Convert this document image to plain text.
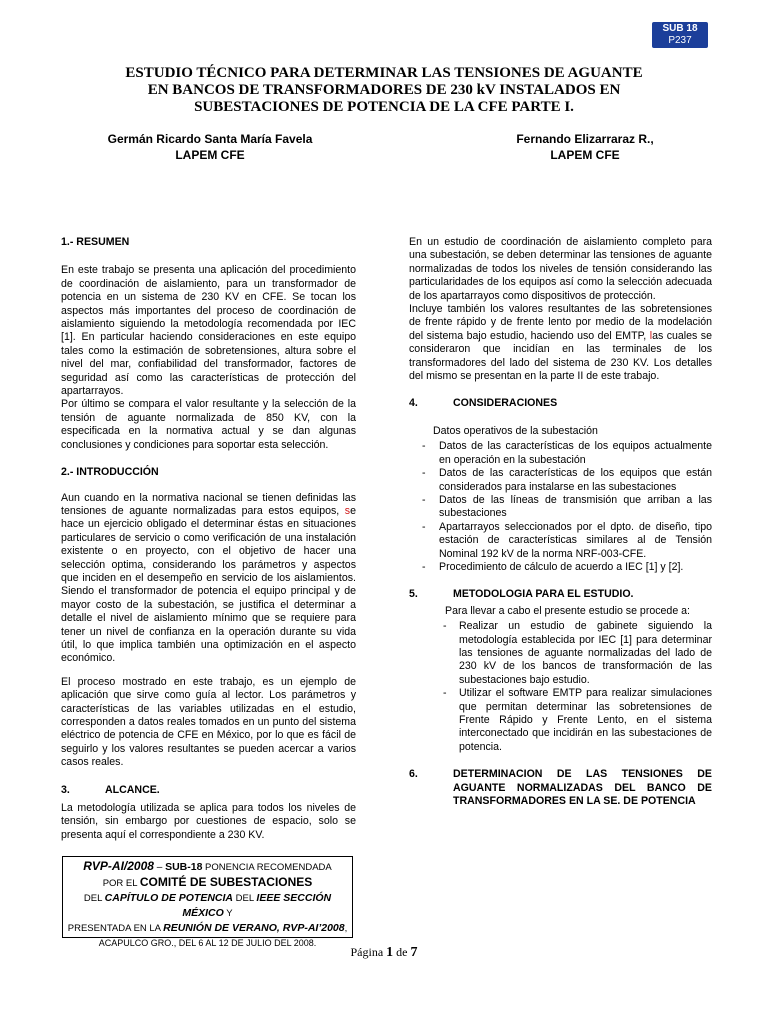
SUB 18
P237
ESTUDIO TÉCNICO PARA DETERMINAR LAS TENSIONES DE AGUANTE
EN BANCOS DE TRANSFORMADORES DE 230 kV INSTALADOS EN
SUBESTACIONES DE POTENCIA DE LA CFE PARTE I.
Germán Ricardo Santa María Favela
LAPEM CFE
Fernando Elizarraraz R.,
LAPEM CFE

1.- RESUMEN

En este trabajo se presenta una aplicación del procedimiento de coordinación de aislamiento, para un transformador de potencia en un sistema de 230 KV en CFE. Se tocan los aspectos más importantes del proceso de coordinación de aislamiento siguiendo la metodología recomendada por IEC [1]. En particular haciendo consideraciones en este equipo tales como la estimación de sobretensiones, altura sobre el nivel del mar, confiabilidad del transformador, factores de seguridad así como las características de protección del apartarrayos.

Por último se compara el valor resultante y la selección de la tensión de aguante normalizada de 850 KV, con la especificada en la normativa actual y se dan algunas conclusiones y condiciones para soportar esta selección.

2.- INTRODUCCIÓN

Aun cuando en la normativa nacional se tienen definidas las tensiones de aguante normalizadas para estos equipos, se hace un ejercicio obligado el determinar éstas en situaciones particulares de servicio o como verificación de una instalación existente o en proyecto, con el objetivo de hacer una selección optima, considerando los parámetros y aspectos que inciden en el desempeño en servicio de los aislamientos. Siendo el transformador de potencia el equipo principal y de mayor costo de la subestación, se justifica el determinar a detalle el nivel de aislamiento mínimo que se requiere para tener un nivel de confianza en la operación durante su vida útil, lo que implica también una optimización en el aspecto económico.

El proceso mostrado en este trabajo, es un ejemplo de aplicación que sirve como guía al lector. Los parámetros y características de las variables utilizadas en el estudio, corresponden a datos reales tomados en un punto del sistema eléctrico de potencia de CFE en México, por lo que es fácil de seguirlo y los valores resultantes se pueden acercar a varios casos reales.

3.	ALCANCE.

La metodología utilizada se aplica para todos los niveles de tensión, sin embargo por cuestiones de espacio, solo se presenta aquí el correspondiente a 230 KV.

En un estudio de coordinación de aislamiento completo para una subestación, se deben determinar las tensiones de aguante normalizadas de todos los niveles de tensión considerando las particularidades de los equipos así como la selección adecuada de los apartarrayos como dispositivos de protección.

Incluye también los valores resultantes de las sobretensiones de frente rápido y de frente lento por medio de la modelación del sistema bajo estudio, haciendo uso del EMTP, las cuales se consideraron que incidían en las terminales de los transformadores del lado del sistema de 230 KV. Los detalles del mismo se presentan en la parte II de este trabajo.

4.	CONSIDERACIONES

Datos operativos de la subestación

- Datos de las características de los equipos actualmente en operación en la subestación
- Datos de las características de los equipos que están considerados para instalarse en las subestaciones
- Datos de las líneas de transmisión que arriban a las subestaciones
- Apartarrayos seleccionados por el dpto. de diseño, tipo estación de características similares al de Tensión Nominal 192 kV de la norma NRF-003-CFE.
- Procedimiento de cálculo de acuerdo a IEC [1] y [2].

5.	METODOLOGIA PARA EL ESTUDIO.

Para llevar a cabo el presente estudio se procede a:

- Realizar un estudio de gabinete siguiendo la metodología establecida por IEC [1] para determinar las tensiones de aguante normalizadas del lado de 230 kV de los bancos de transformación de las subestaciones bajo estudio.
- Utilizar el software EMTP para realizar simulaciones que permitan determinar las sobretensiones de Frente Rápido y Frente Lento, en el sistema interconectado que incidirán en las subestaciones de potencia.
6.	DETERMINACION DE LAS TENSIONES DE AGUANTE NORMALIZADAS DEL BANCO DE TRANSFORMADORES EN LA SE. DE POTENCIA
RVP-AI/2008 – SUB-18 PONENCIA RECOMENDADA
POR EL COMITÉ DE SUBESTACIONES
DEL CAPÍTULO DE POTENCIA DEL IEEE SECCIÓN MÉXICO Y
PRESENTADA EN LA REUNIÓN DE VERANO, RVP-AI’2008,
ACAPULCO GRO., DEL 6 AL 12 DE JULIO DEL 2008.
Página 1 de 7
